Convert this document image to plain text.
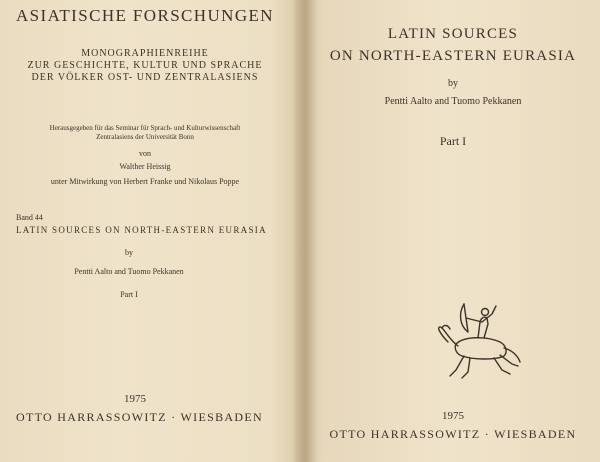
ASIATISCHE FORSCHUNGEN
MONOGRAPHIENREIHE
ZUR GESCHICHTE, KULTUR UND SPRACHE
DER VÖLKER OST- UND ZENTRALASIENS
Herausgegeben für das Seminar für Sprach- und Kulturwissenschaft
Zentralasiens der Universität Bonn
von
Walther Heissig
unter Mitwirkung von Herbert Franke und Nikolaus Poppe
Band 44
LATIN SOURCES ON NORTH-EASTERN EURASIA
by
Pentti Aalto and Tuomo Pekkanen
Part I
1975
OTTO HARRASSOWITZ · WIESBADEN
LATIN SOURCES
ON NORTH-EASTERN EURASIA
by
Pentti Aalto and Tuomo Pekkanen
Part I
1975
OTTO HARRASSOWITZ · WIESBADEN
